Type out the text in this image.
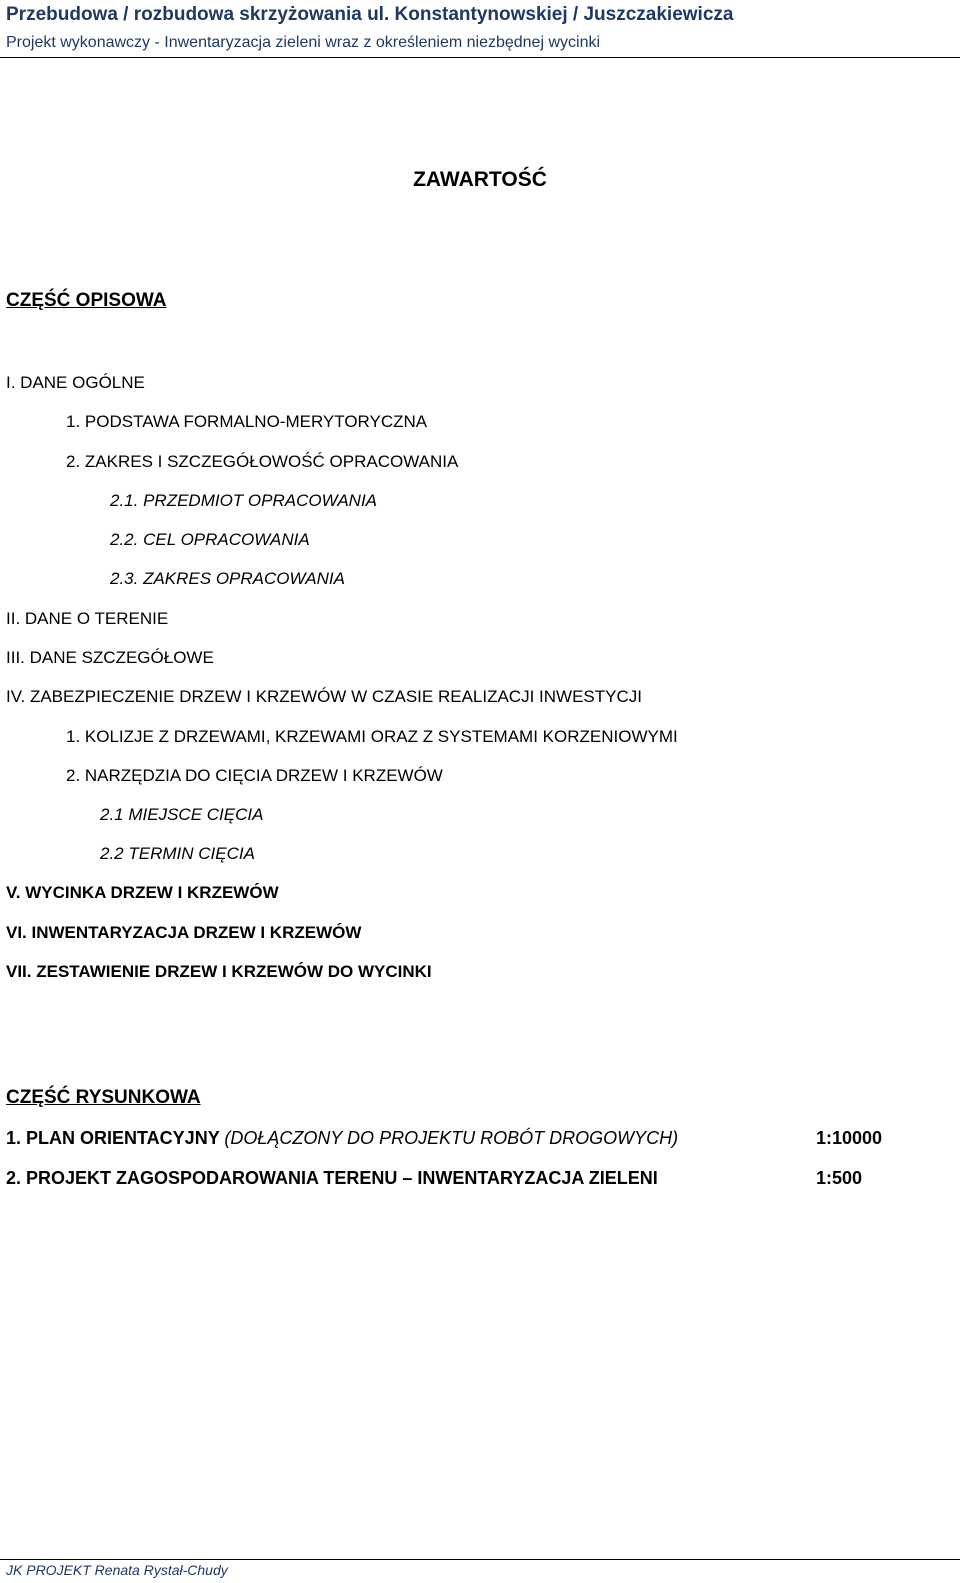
Przebudowa / rozbudowa skrzyżowania ul. Konstantynowskiej / Juszczakiewicza
Projekt wykonawczy - Inwentaryzacja zieleni wraz z określeniem niezbędnej wycinki
ZAWARTOŚĆ
CZĘŚĆ OPISOWA
I. DANE OGÓLNE
1. PODSTAWA FORMALNO-MERYTORYCZNA
2. ZAKRES I SZCZEGÓŁOWOŚĆ OPRACOWANIA
2.1. PRZEDMIOT OPRACOWANIA
2.2. CEL OPRACOWANIA
2.3. ZAKRES OPRACOWANIA
II. DANE O TERENIE
III. DANE SZCZEGÓŁOWE
IV. ZABEZPIECZENIE DRZEW I KRZEWÓW W CZASIE REALIZACJI INWESTYCJI
1. KOLIZJE Z DRZEWAMI, KRZEWAMI ORAZ Z SYSTEMAMI KORZENIOWYMI
2. NARZĘDZIA DO CIĘCIA DRZEW I KRZEWÓW
2.1 MIEJSCE CIĘCIA
2.2 TERMIN CIĘCIA
V. WYCINKA DRZEW I KRZEWÓW
VI. INWENTARYZACJA DRZEW I KRZEWÓW
VII. ZESTAWIENIE DRZEW I KRZEWÓW DO WYCINKI
CZĘŚĆ RYSUNKOWA
1. PLAN ORIENTACYJNY (DOŁĄCZONY DO PROJEKTU ROBÓT DROGOWYCH)	1:10000
2. PROJEKT ZAGOSPODAROWANIA TERENU – INWENTARYZACJA ZIELENI	1:500
JK PROJEKT Renata Rystał-Chudy
